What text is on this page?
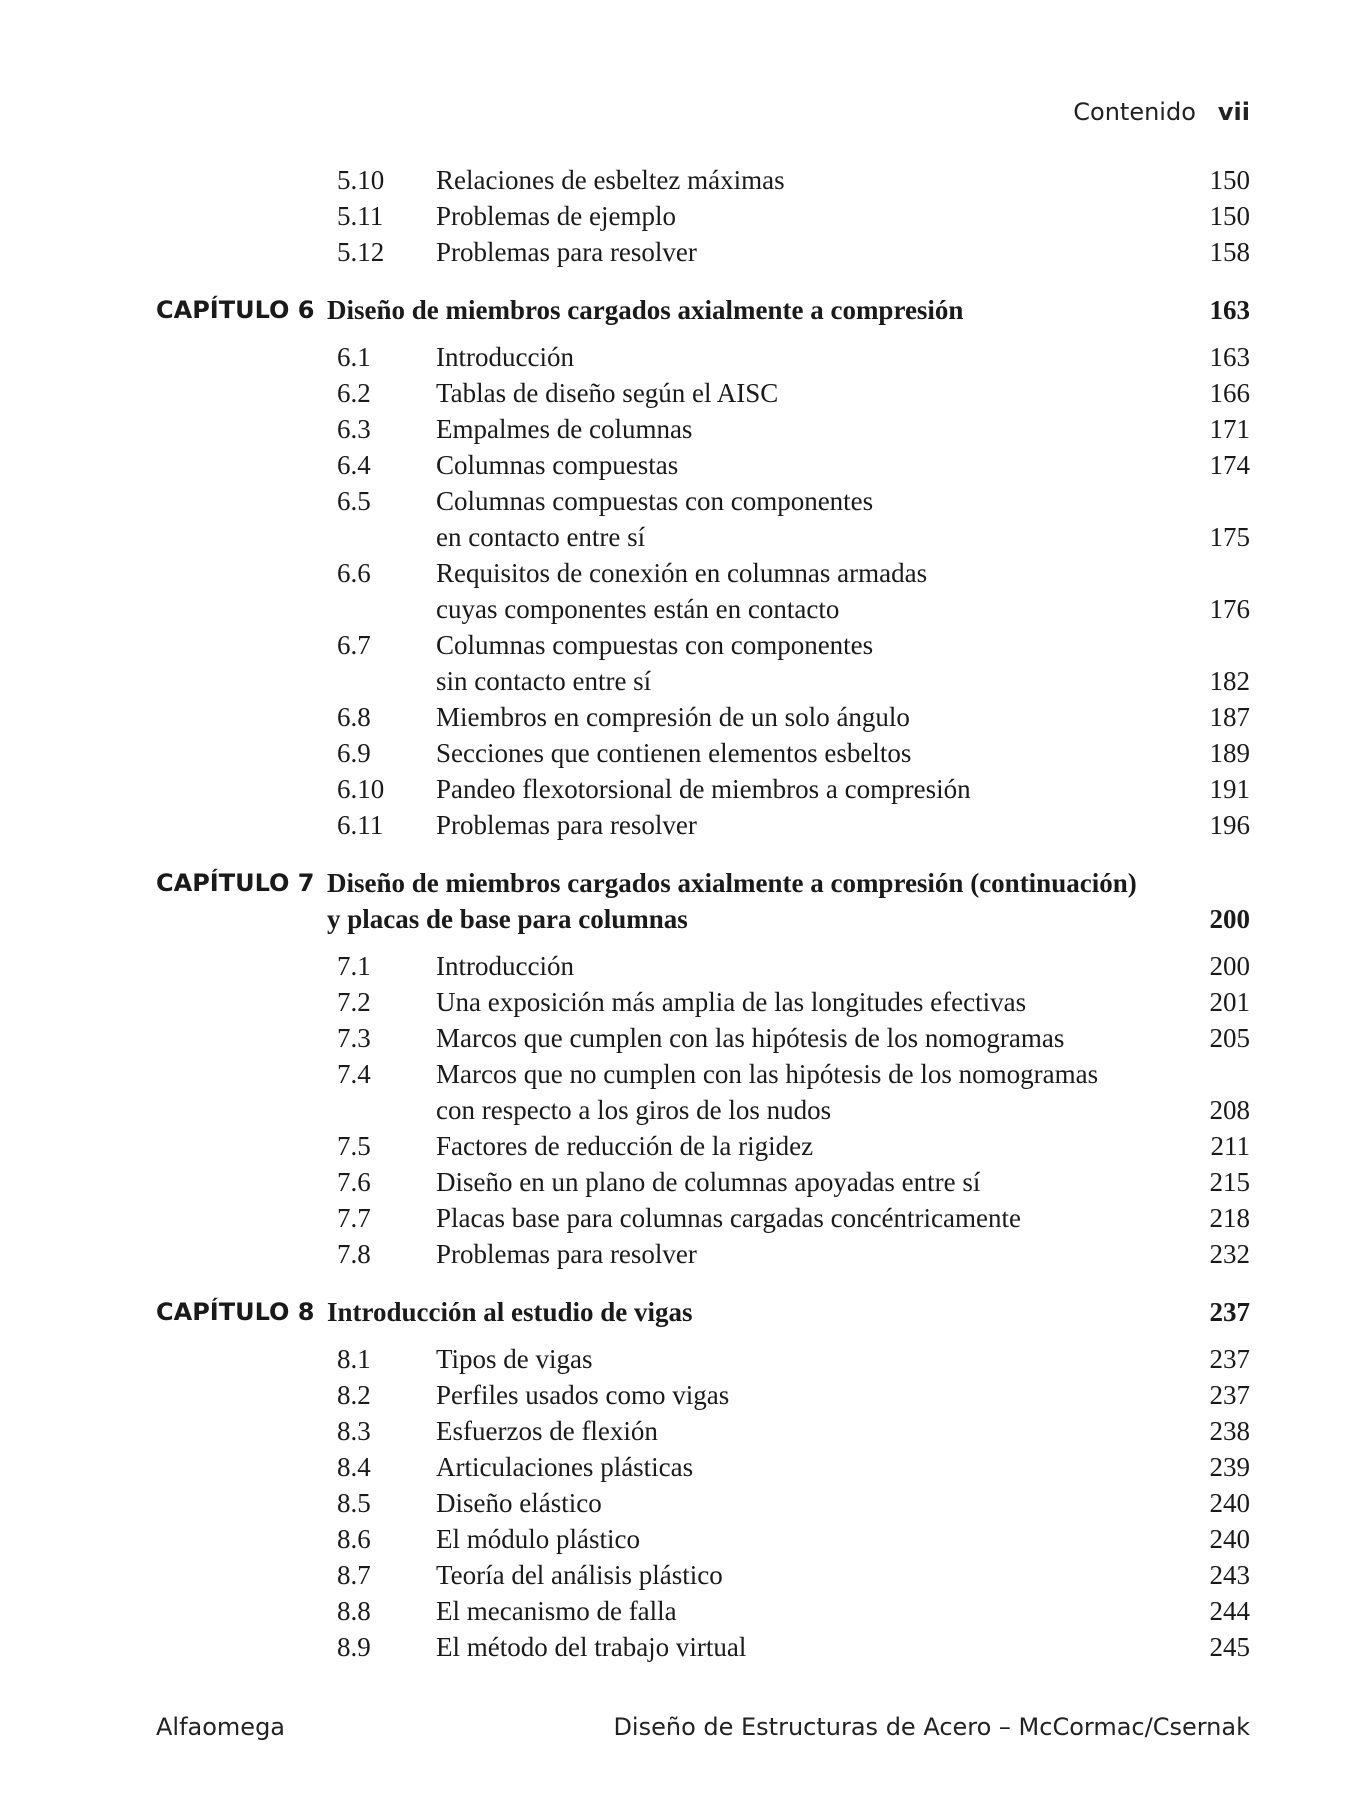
Contenido vii
5.10 Relaciones de esbeltez máximas	150
5.11 Problemas de ejemplo	150
5.12 Problemas para resolver	158
CAPÍTULO 6 Diseño de miembros cargados axialmente a compresión	163
6.1 Introducción	163
6.2 Tablas de diseño según el AISC	166
6.3 Empalmes de columnas	171
6.4 Columnas compuestas	174
6.5 Columnas compuestas con componentes
en contacto entre sí	175
6.6 Requisitos de conexión en columnas armadas
cuyas componentes están en contacto	176
6.7 Columnas compuestas con componentes
sin contacto entre sí	182
6.8 Miembros en compresión de un solo ángulo	187
6.9 Secciones que contienen elementos esbeltos	189
6.10 Pandeo flexotorsional de miembros a compresión	191
6.11 Problemas para resolver	196
CAPÍTULO 7 Diseño de miembros cargados axialmente a compresión (continuación)
y placas de base para columnas	200
7.1 Introducción	200
7.2 Una exposición más amplia de las longitudes efectivas	201
7.3 Marcos que cumplen con las hipótesis de los nomogramas	205
7.4 Marcos que no cumplen con las hipótesis de los nomogramas
con respecto a los giros de los nudos	208
7.5 Factores de reducción de la rigidez	211
7.6 Diseño en un plano de columnas apoyadas entre sí	215
7.7 Placas base para columnas cargadas concéntricamente	218
7.8 Problemas para resolver	232
CAPÍTULO 8 Introducción al estudio de vigas	237
8.1 Tipos de vigas	237
8.2 Perfiles usados como vigas	237
8.3 Esfuerzos de flexión	238
8.4 Articulaciones plásticas	239
8.5 Diseño elástico	240
8.6 El módulo plástico	240
8.7 Teoría del análisis plástico	243
8.8 El mecanismo de falla	244
8.9 El método del trabajo virtual	245
Alfaomega	Diseño de Estructuras de Acero – McCormac/Csernak
